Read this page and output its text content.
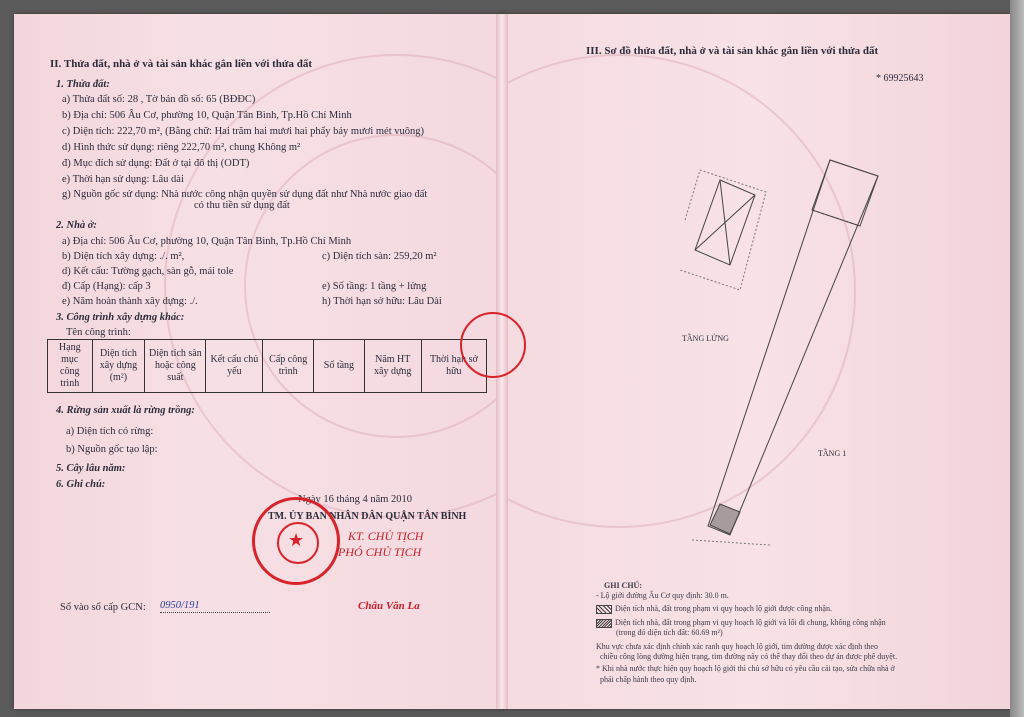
II. Thửa đất, nhà ở và tài sản khác gắn liền với thửa đất
1. Thửa đất:
a) Thửa đất số: 28 , Tờ bản đồ số: 65 (BĐĐC)
b) Địa chỉ: 506 Âu Cơ, phường 10, Quận Tân Bình, Tp.Hồ Chí Minh
c) Diện tích: 222,70 m², (Bằng chữ: Hai trăm hai mươi hai phẩy bảy mươi mét vuông)
d) Hình thức sử dụng: riêng 222,70 m², chung Không m²
đ) Mục đích sử dụng: Đất ở tại đô thị (ODT)
e) Thời hạn sử dụng: Lâu dài
g) Nguồn gốc sử dụng: Nhà nước công nhận quyền sử dụng đất như Nhà nước giao đất
có thu tiền sử dụng đất
2. Nhà ở:
a) Địa chỉ: 506 Âu Cơ, phường 10, Quận Tân Bình, Tp.Hồ Chí Minh
b) Diện tích xây dựng: ./. m²,	c) Diện tích sàn: 259,20 m²
d) Kết cấu: Tường gạch, sàn gỗ, mái tole
đ) Cấp (Hạng): cấp 3	e) Số tầng: 1 tầng + lửng
e) Năm hoàn thành xây dựng: ./.	h) Thời hạn sở hữu: Lâu Dài
3. Công trình xây dựng khác:
Tên công trình:
Hạng mục công trình	Diện tích xây dựng (m²)	Diện tích sàn hoặc công suất	Kết cấu chủ yếu	Cấp công trình	Số tầng	Năm HT xây dựng	Thời hạn sở hữu
4. Rừng sản xuất là rừng trồng:
a) Diện tích có rừng:
b) Nguồn gốc tạo lập:
5. Cây lâu năm:
6. Ghi chú:
Ngày 16 tháng 4 năm 2010
TM. ỦY BAN NHÂN DÂN QUẬN TÂN BÌNH
KT. CHỦ TỊCH
PHÓ CHỦ TỊCH
Châu Văn La
Sổ vào sổ cấp GCN: 0950/191
★
III. Sơ đồ thửa đất, nhà ở và tài sản khác gắn liền với thửa đất
* 69925643
TẦNG LỬNG
TẦNG 1
GHI CHÚ:
- Lộ giới đường Âu Cơ quy định: 30.0 m.
Diện tích nhà, đất trong phạm vi quy hoạch lộ giới được công nhận.
Diện tích nhà, đất trong phạm vi quy hoạch lộ giới và lối đi chung, không công nhận
(trong đó diện tích đất: 60.69 m²)
Khu vực chưa xác định chính xác ranh quy hoạch lộ giới, tim đường được xác định theo
chiều công lòng đường hiện trạng, tim đường này có thể thay đổi theo dự án được phê duyệt.
* Khi nhà nước thực hiện quy hoạch lộ giới thì chủ sở hữu có yêu cầu cải tạo, sửa chữa nhà ở
phải chấp hành theo quy định.
